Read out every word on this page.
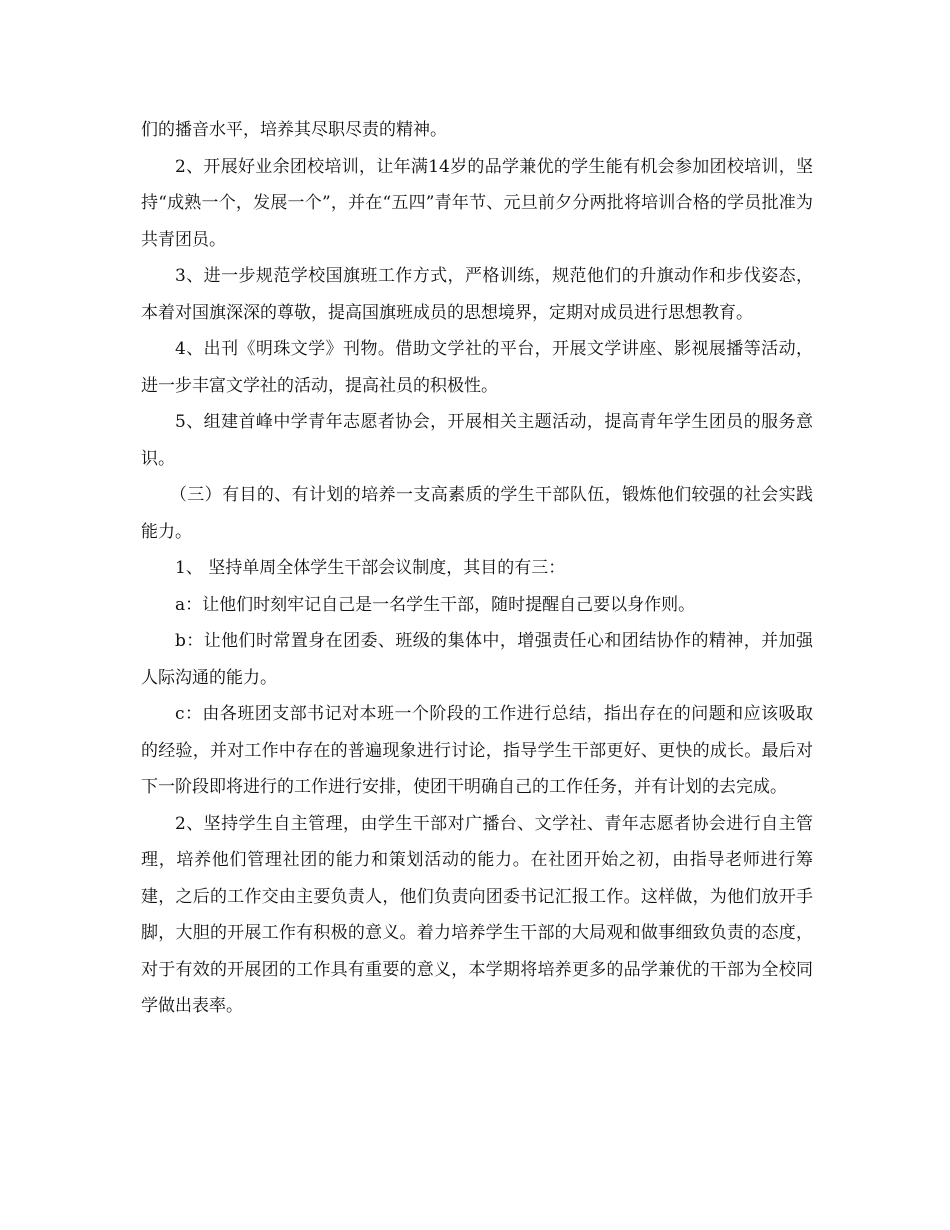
们的播音水平，培养其尽职尽责的精神。

2、开展好业余团校培训，让年满14岁的品学兼优的学生能有机会参加团校培训，坚持“成熟一个，发展一个”，并在“五四”青年节、元旦前夕分两批将培训合格的学员批准为共青团员。

3、进一步规范学校国旗班工作方式，严格训练，规范他们的升旗动作和步伐姿态，本着对国旗深深的尊敬，提高国旗班成员的思想境界，定期对成员进行思想教育。

4、出刊《明珠文学》刊物。借助文学社的平台，开展文学讲座、影视展播等活动，进一步丰富文学社的活动，提高社员的积极性。

5、组建首峰中学青年志愿者协会，开展相关主题活动，提高青年学生团员的服务意识。

（三）有目的、有计划的培养一支高素质的学生干部队伍，锻炼他们较强的社会实践能力。

1、 坚持单周全体学生干部会议制度，其目的有三：

a：让他们时刻牢记自己是一名学生干部，随时提醒自己要以身作则。

b：让他们时常置身在团委、班级的集体中，增强责任心和团结协作的精神，并加强人际沟通的能力。

c：由各班团支部书记对本班一个阶段的工作进行总结，指出存在的问题和应该吸取的经验，并对工作中存在的普遍现象进行讨论，指导学生干部更好、更快的成长。最后对下一阶段即将进行的工作进行安排，使团干明确自己的工作任务，并有计划的去完成。

2、坚持学生自主管理，由学生干部对广播台、文学社、青年志愿者协会进行自主管理，培养他们管理社团的能力和策划活动的能力。在社团开始之初，由指导老师进行筹建，之后的工作交由主要负责人，他们负责向团委书记汇报工作。这样做，为他们放开手脚，大胆的开展工作有积极的意义。着力培养学生干部的大局观和做事细致负责的态度，对于有效的开展团的工作具有重要的意义，本学期将培养更多的品学兼优的干部为全校同学做出表率。
